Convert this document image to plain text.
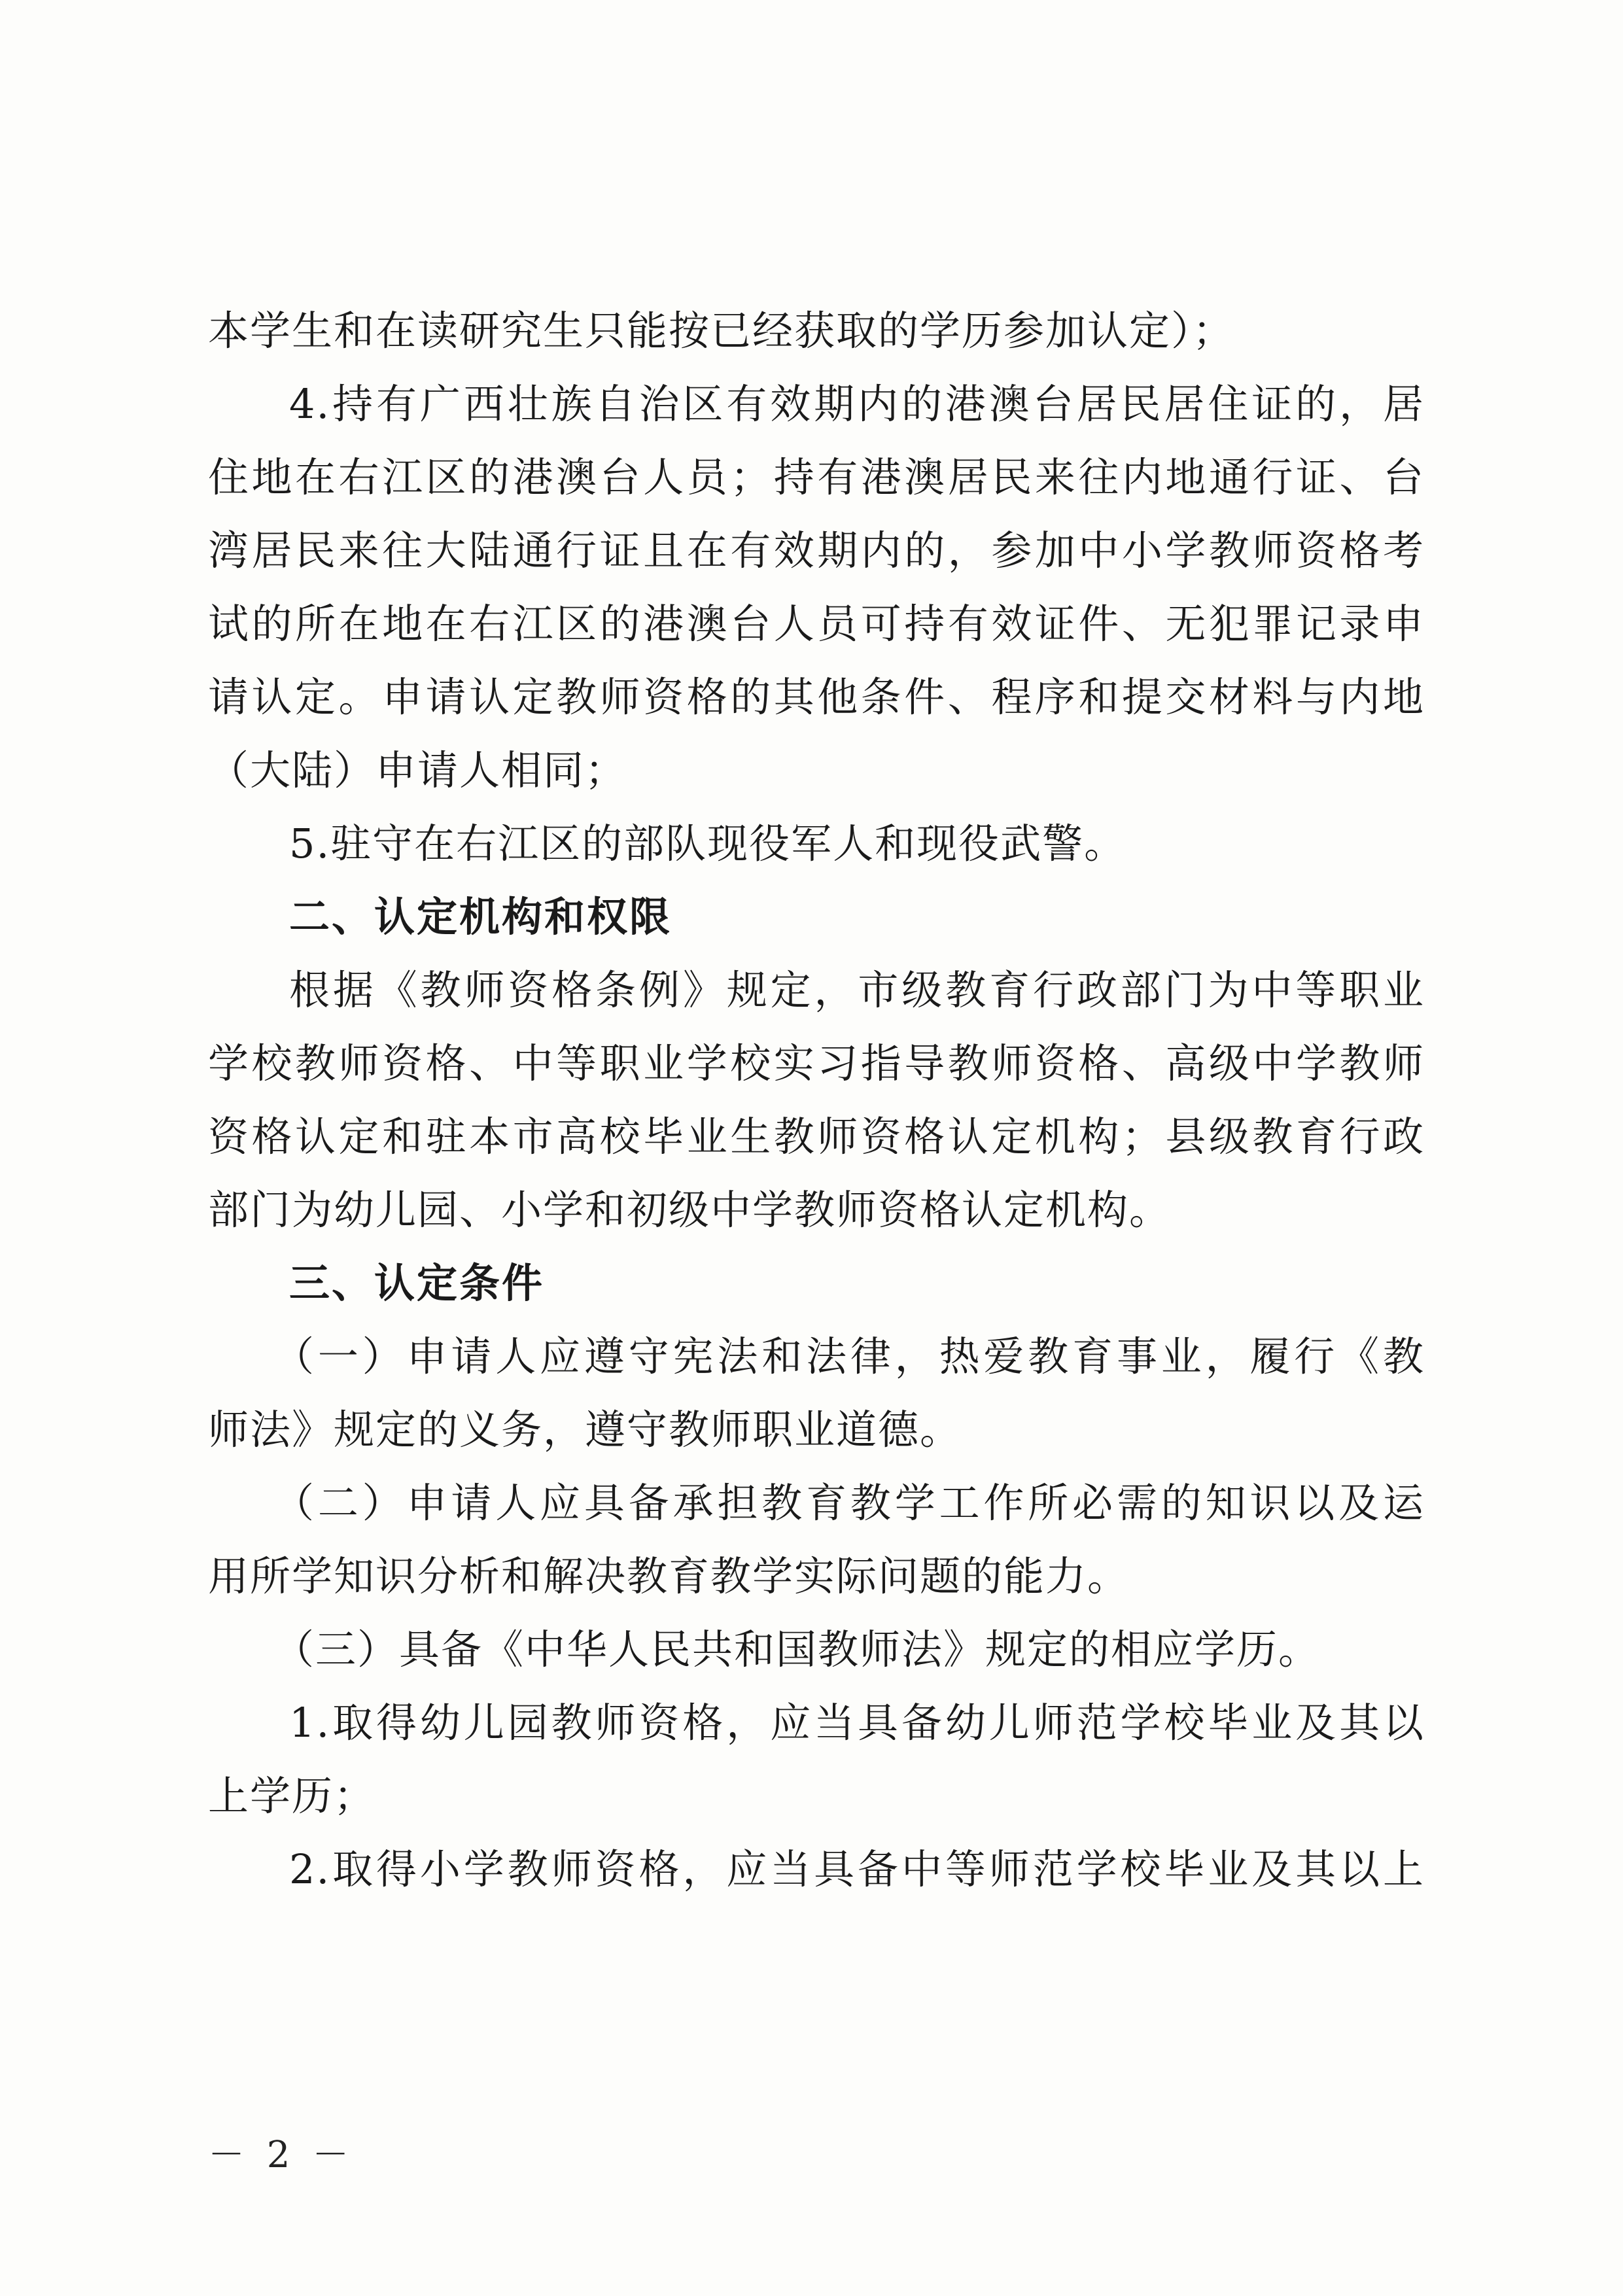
本学生和在读研究生只能按已经获取的学历参加认定）；
4.持有广西壮族自治区有效期内的港澳台居民居住证的，居
住地在右江区的港澳台人员；持有港澳居民来往内地通行证、台
湾居民来往大陆通行证且在有效期内的，参加中小学教师资格考
试的所在地在右江区的港澳台人员可持有效证件、无犯罪记录申
请认定。申请认定教师资格的其他条件、程序和提交材料与内地
（大陆）申请人相同；
5.驻守在右江区的部队现役军人和现役武警。
二、认定机构和权限
根据《教师资格条例》规定，市级教育行政部门为中等职业
学校教师资格、中等职业学校实习指导教师资格、高级中学教师
资格认定和驻本市高校毕业生教师资格认定机构；县级教育行政
部门为幼儿园、小学和初级中学教师资格认定机构。
三、认定条件
（一）申请人应遵守宪法和法律，热爱教育事业，履行《教
师法》规定的义务，遵守教师职业道德。
（二）申请人应具备承担教育教学工作所必需的知识以及运
用所学知识分析和解决教育教学实际问题的能力。
（三）具备《中华人民共和国教师法》规定的相应学历。
1.取得幼儿园教师资格，应当具备幼儿师范学校毕业及其以
上学历；
2.取得小学教师资格，应当具备中等师范学校毕业及其以上
－ 2 －
